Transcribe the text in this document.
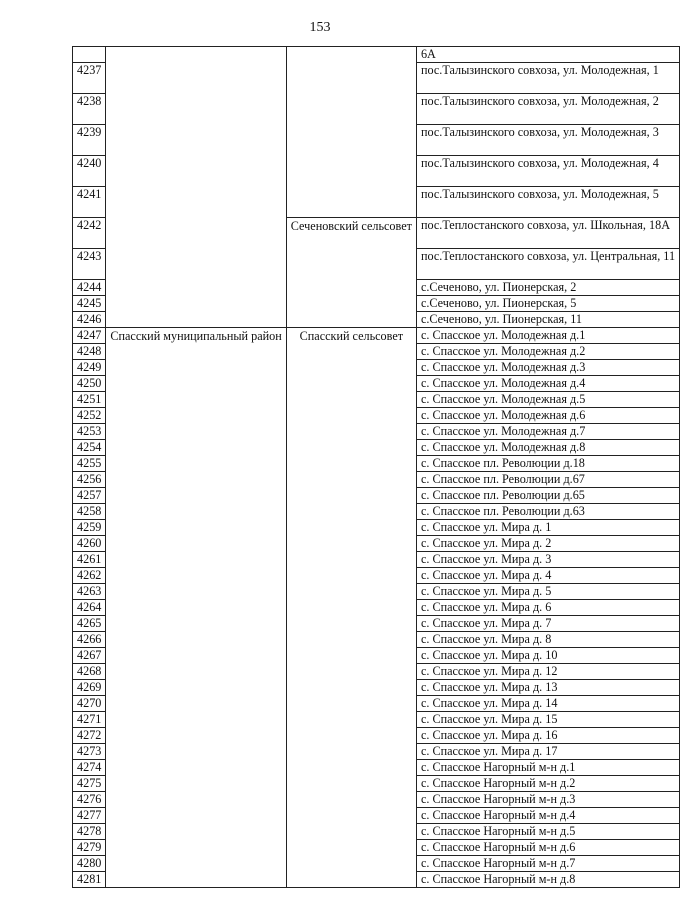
153
			6А
4237			пос.Талызинского совхоза, ул. Молодежная, 1
4238			пос.Талызинского совхоза, ул. Молодежная, 2
4239			пос.Талызинского совхоза, ул. Молодежная, 3
4240			пос.Талызинского совхоза, ул. Молодежная, 4
4241			пос.Талызинского совхоза, ул. Молодежная, 5
4242		Сеченовский сельсовет	пос.Теплостанского совхоза, ул. Школьная, 18А
4243			пос.Теплостанского совхоза, ул. Центральная, 11
4244			с.Сеченово, ул. Пионерская, 2
4245			с.Сеченово, ул. Пионерская, 5
4246			с.Сеченово, ул. Пионерская, 11
4247	Спасский муниципальный район	Спасский сельсовет	с. Спасское ул. Молодежная д.1
4248			с. Спасское ул. Молодежная д.2
4249			с. Спасское ул. Молодежная д.3
4250			с. Спасское ул. Молодежная д.4
4251			с. Спасское ул. Молодежная д.5
4252			с. Спасское ул. Молодежная д.6
4253			с. Спасское ул. Молодежная д.7
4254			с. Спасское ул. Молодежная д.8
4255			с. Спасское пл. Революции д.18
4256			с. Спасское пл. Революции д.67
4257			с. Спасское пл. Революции д.65
4258			с. Спасское пл. Революции д.63
4259			с. Спасское ул. Мира д. 1
4260			с. Спасское ул. Мира д. 2
4261			с. Спасское ул. Мира д. 3
4262			с. Спасское ул. Мира д. 4
4263			с. Спасское ул. Мира д. 5
4264			с. Спасское ул. Мира д. 6
4265			с. Спасское ул. Мира д. 7
4266			с. Спасское ул. Мира д. 8
4267			с. Спасское ул. Мира д. 10
4268			с. Спасское ул. Мира д. 12
4269			с. Спасское ул. Мира д. 13
4270			с. Спасское ул. Мира д. 14
4271			с. Спасское ул. Мира д. 15
4272			с. Спасское ул. Мира д. 16
4273			с. Спасское ул. Мира д. 17
4274			с. Спасское Нагорный м-н д.1
4275			с. Спасское Нагорный м-н д.2
4276			с. Спасское Нагорный м-н д.3
4277			с. Спасское Нагорный м-н д.4
4278			с. Спасское Нагорный м-н д.5
4279			с. Спасское Нагорный м-н д.6
4280			с. Спасское Нагорный м-н д.7
4281			с. Спасское Нагорный м-н д.8
